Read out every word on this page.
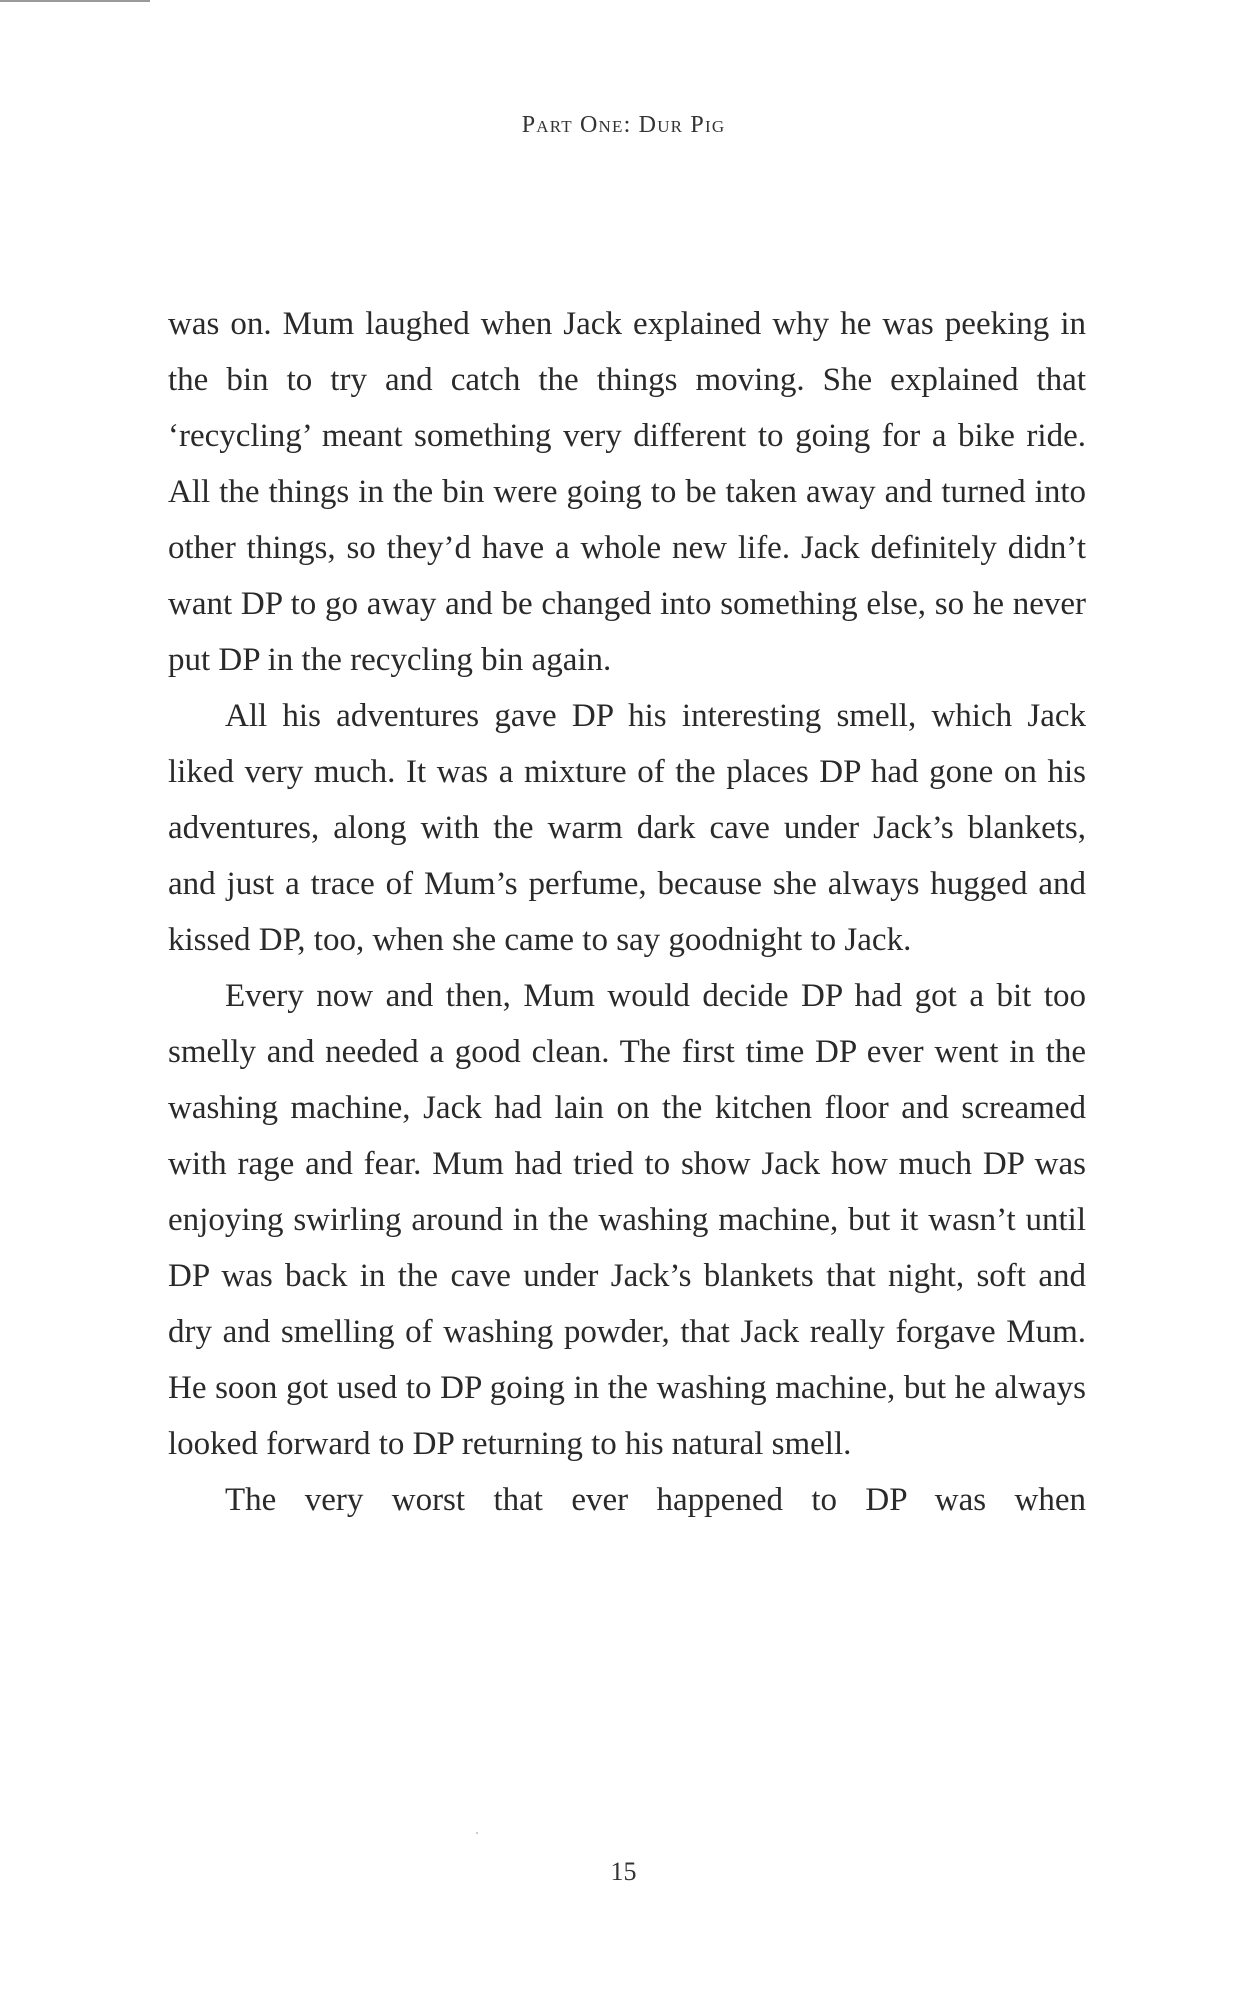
Part One: Dur Pig

was on. Mum laughed when Jack explained why he was peeking in the bin to try and catch the things moving. She explained that ‘recycling’ meant something very different to going for a bike ride. All the things in the bin were going to be taken away and turned into other things, so they’d have a whole new life. Jack definitely didn’t want DP to go away and be changed into something else, so he never put DP in the recycling bin again.

All his adventures gave DP his interesting smell, which Jack liked very much. It was a mixture of the places DP had gone on his adventures, along with the warm dark cave under Jack’s blankets, and just a trace of Mum’s perfume, because she always hugged and kissed DP, too, when she came to say goodnight to Jack.

Every now and then, Mum would decide DP had got a bit too smelly and needed a good clean. The first time DP ever went in the washing machine, Jack had lain on the kitchen floor and screamed with rage and fear. Mum had tried to show Jack how much DP was enjoying swirling around in the washing machine, but it wasn’t until DP was back in the cave under Jack’s blankets that night, soft and dry and smelling of washing powder, that Jack really forgave Mum. He soon got used to DP going in the washing machine, but he always looked forward to DP returning to his natural smell.

The very worst that ever happened to DP was when

15
